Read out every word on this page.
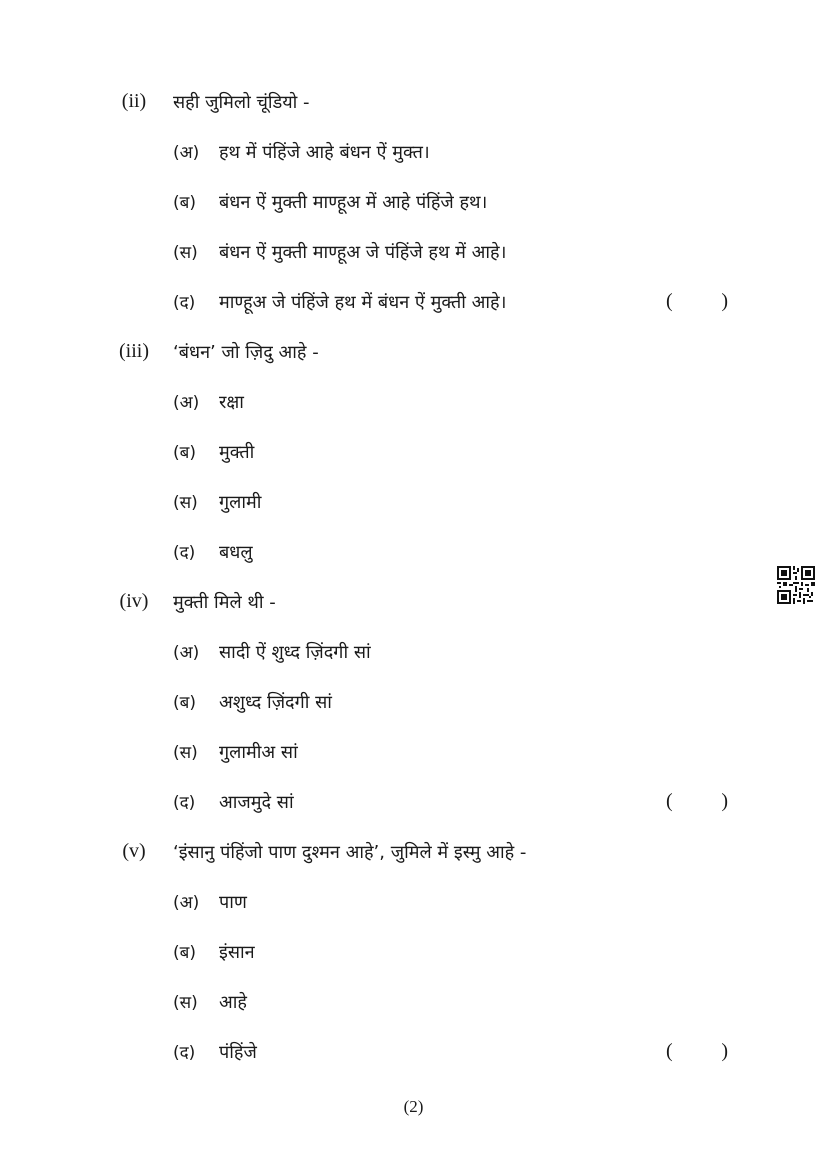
(ii)	सही जुमिलो चूंडियो -
(अ) हथ में पंहिंजे आहे बंधन ऐं मुक्त।
(ब) बंधन ऐं मुक्ती माण्हूअ में आहे पंहिंजे हथ।
(स) बंधन ऐं मुक्ती माण्हूअ जे पंहिंजे हथ में आहे।
(द) माण्हूअ जे पंहिंजे हथ में बंधन ऐं मुक्ती आहे।	( )
(iii)	‘बंधन’ जो ज़िदु आहे -
(अ) रक्षा
(ब) मुक्ती
(स) गुलामी
(द) बधलु
(iv)	मुक्ती मिले थी -
(अ) सादी ऐं शुध्द ज़िंदगी सां
(ब) अशुध्द ज़िंदगी सां
(स) गुलामीअ सां
(द) आजमुदे सां	( )
(v)	‘इंसानु पंहिंजो पाण दुश्मन आहे’, जुमिले में इस्मु आहे -
(अ) पाण
(ब) इंसान
(स) आहे
(द) पंहिंजे	( )
(2)
